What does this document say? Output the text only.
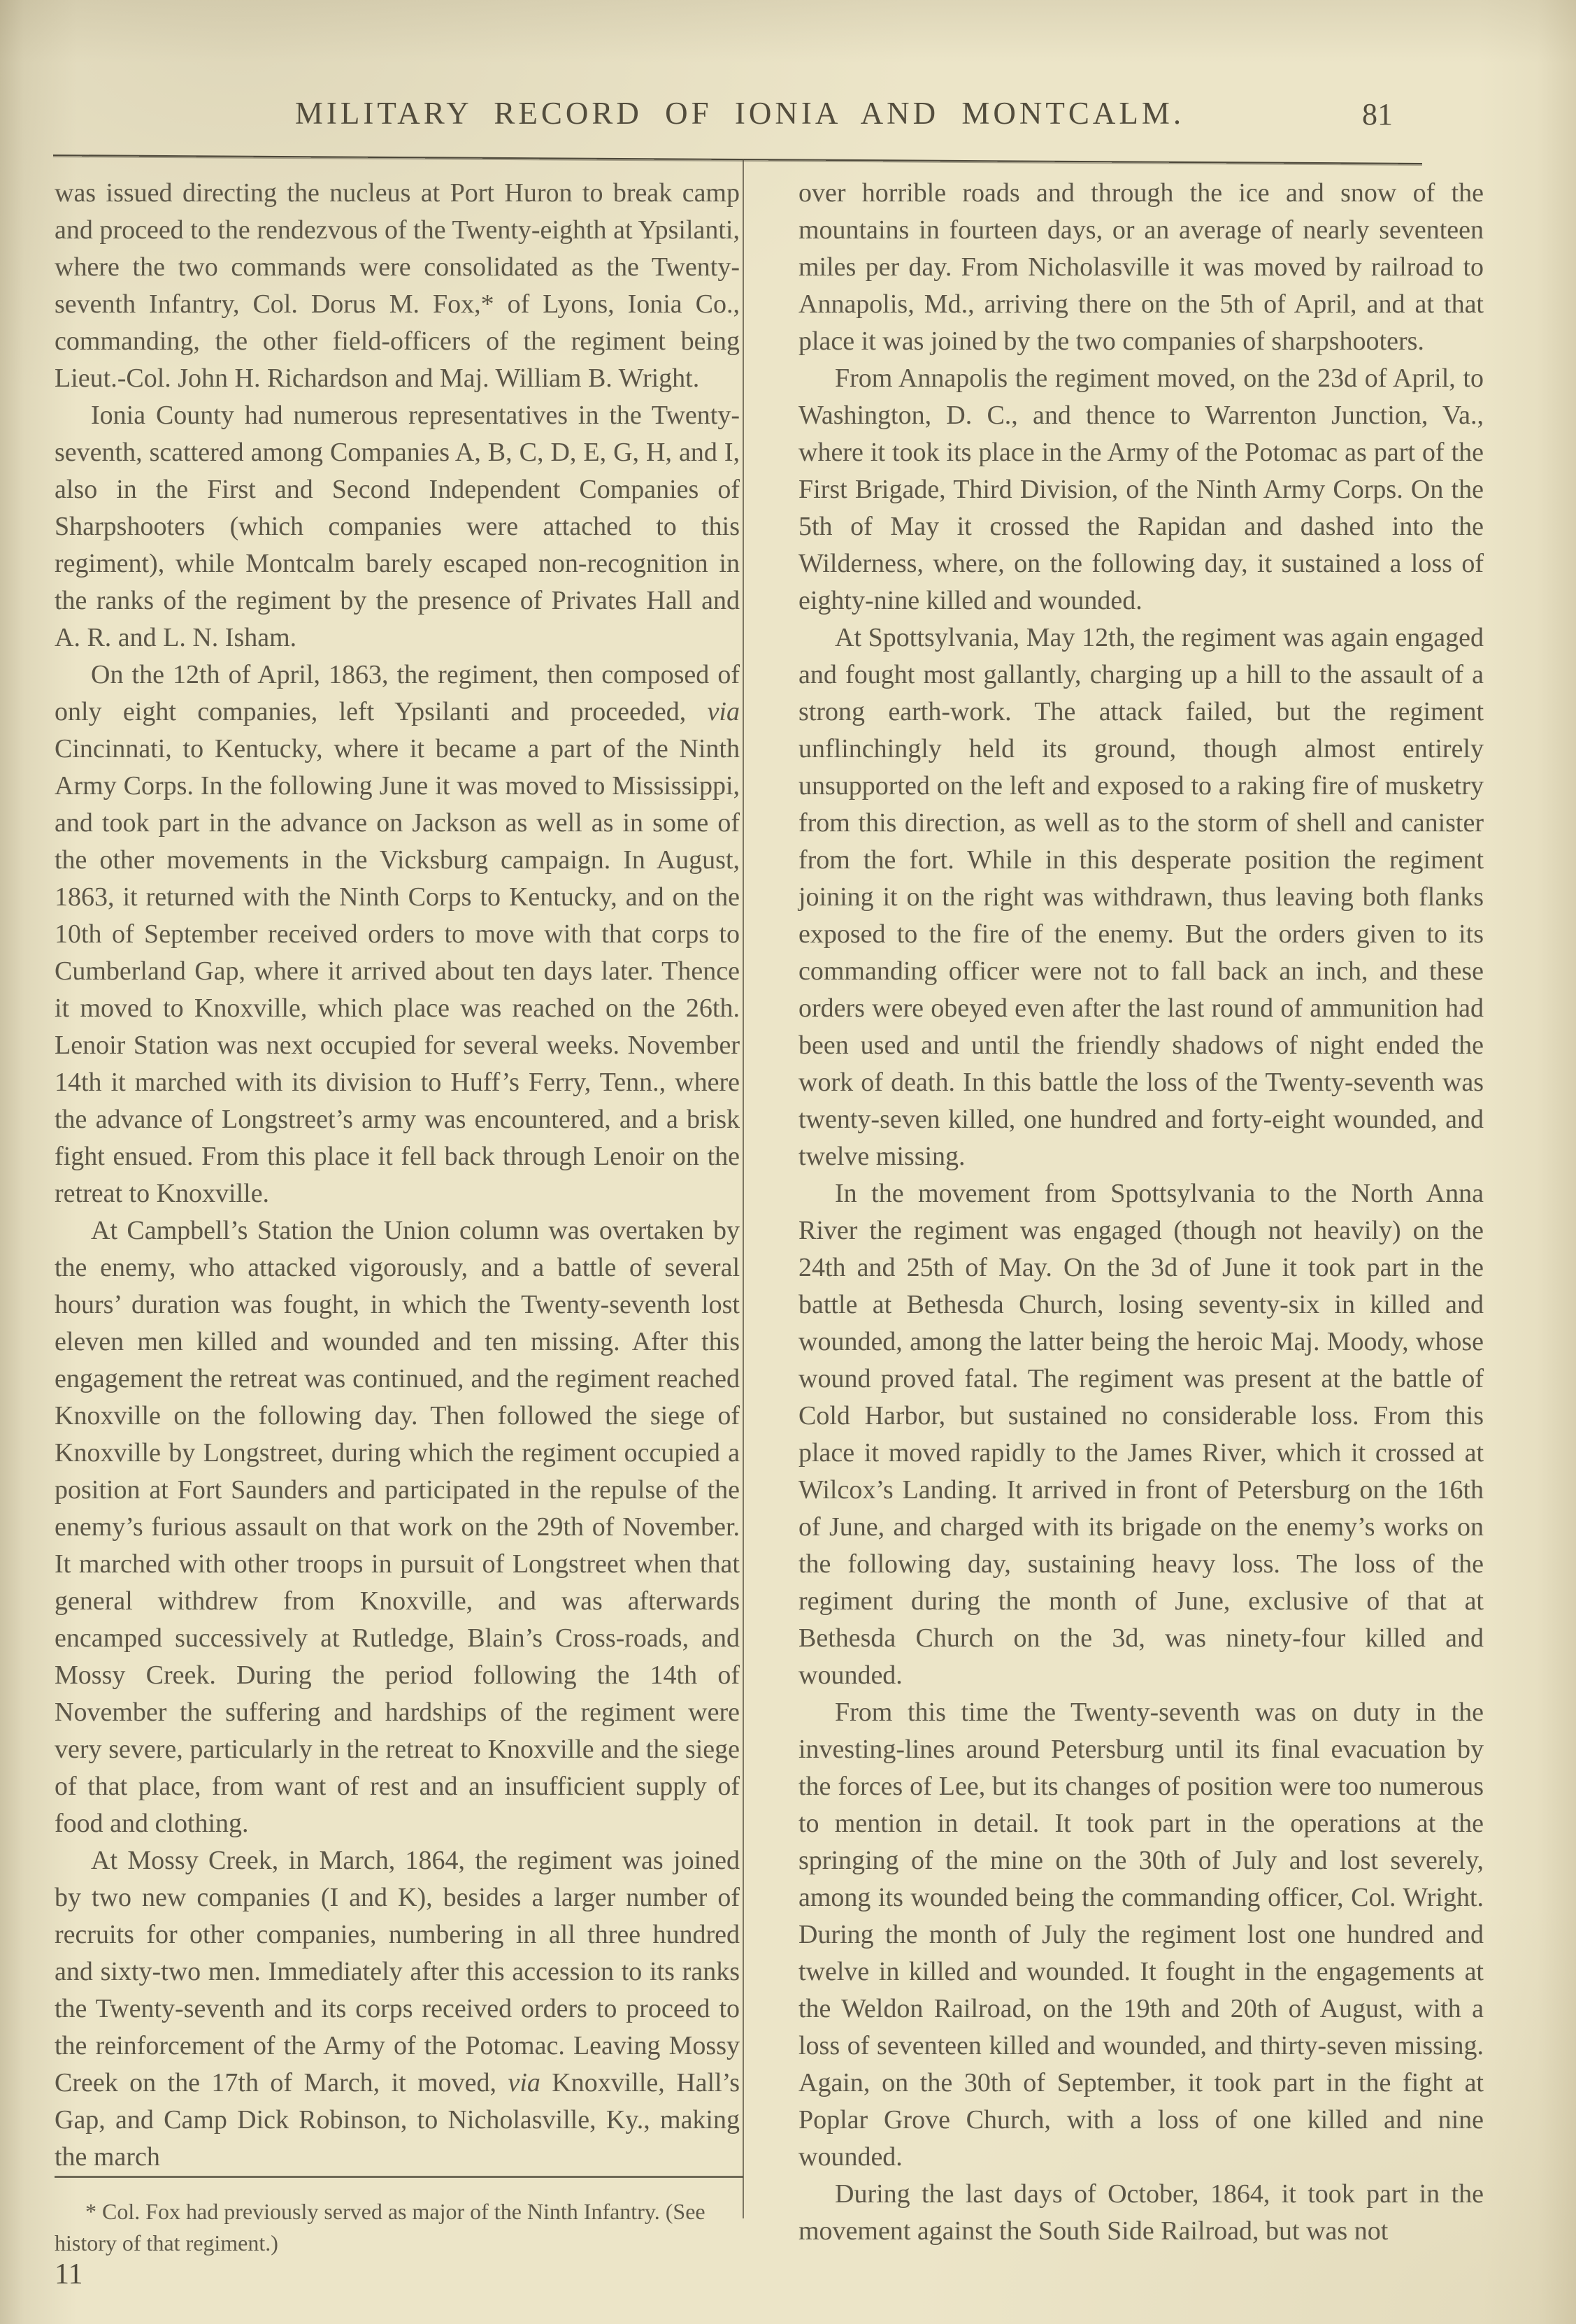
MILITARY RECORD OF IONIA AND MONTCALM.	81

was issued directing the nucleus at Port Huron to break camp and proceed to the rendezvous of the Twenty-eighth at Ypsilanti, where the two commands were consolidated as the Twenty-seventh Infantry, Col. Dorus M. Fox,* of Lyons, Ionia Co., commanding, the other field-officers of the regiment being Lieut.-Col. John H. Richardson and Maj. William B. Wright.

Ionia County had numerous representatives in the Twenty-seventh, scattered among Companies A, B, C, D, E, G, H, and I, also in the First and Second Independent Companies of Sharpshooters (which companies were attached to this regiment), while Montcalm barely escaped non-recognition in the ranks of the regiment by the presence of Privates Hall and A. R. and L. N. Isham.

On the 12th of April, 1863, the regiment, then composed of only eight companies, left Ypsilanti and proceeded, via Cincinnati, to Kentucky, where it became a part of the Ninth Army Corps. In the following June it was moved to Mississippi, and took part in the advance on Jackson as well as in some of the other movements in the Vicksburg campaign. In August, 1863, it returned with the Ninth Corps to Kentucky, and on the 10th of September received orders to move with that corps to Cumberland Gap, where it arrived about ten days later. Thence it moved to Knoxville, which place was reached on the 26th. Lenoir Station was next occupied for several weeks. November 14th it marched with its division to Huff’s Ferry, Tenn., where the advance of Longstreet’s army was encountered, and a brisk fight ensued. From this place it fell back through Lenoir on the retreat to Knoxville.

At Campbell’s Station the Union column was overtaken by the enemy, who attacked vigorously, and a battle of several hours’ duration was fought, in which the Twenty-seventh lost eleven men killed and wounded and ten missing. After this engagement the retreat was continued, and the regiment reached Knoxville on the following day. Then followed the siege of Knoxville by Longstreet, during which the regiment occupied a position at Fort Saunders and participated in the repulse of the enemy’s furious assault on that work on the 29th of November. It marched with other troops in pursuit of Longstreet when that general withdrew from Knoxville, and was afterwards encamped successively at Rutledge, Blain’s Cross-roads, and Mossy Creek. During the period following the 14th of November the suffering and hardships of the regiment were very severe, particularly in the retreat to Knoxville and the siege of that place, from want of rest and an insufficient supply of food and clothing.

At Mossy Creek, in March, 1864, the regiment was joined by two new companies (I and K), besides a larger number of recruits for other companies, numbering in all three hundred and sixty-two men. Immediately after this accession to its ranks the Twenty-seventh and its corps received orders to proceed to the reinforcement of the Army of the Potomac. Leaving Mossy Creek on the 17th of March, it moved, via Knoxville, Hall’s Gap, and Camp Dick Robinson, to Nicholasville, Ky., making the march

* Col. Fox had previously served as major of the Ninth Infantry. (See history of that regiment.)

11

over horrible roads and through the ice and snow of the mountains in fourteen days, or an average of nearly seventeen miles per day. From Nicholasville it was moved by railroad to Annapolis, Md., arriving there on the 5th of April, and at that place it was joined by the two companies of sharpshooters.

From Annapolis the regiment moved, on the 23d of April, to Washington, D. C., and thence to Warrenton Junction, Va., where it took its place in the Army of the Potomac as part of the First Brigade, Third Division, of the Ninth Army Corps. On the 5th of May it crossed the Rapidan and dashed into the Wilderness, where, on the following day, it sustained a loss of eighty-nine killed and wounded.

At Spottsylvania, May 12th, the regiment was again engaged and fought most gallantly, charging up a hill to the assault of a strong earth-work. The attack failed, but the regiment unflinchingly held its ground, though almost entirely unsupported on the left and exposed to a raking fire of musketry from this direction, as well as to the storm of shell and canister from the fort. While in this desperate position the regiment joining it on the right was withdrawn, thus leaving both flanks exposed to the fire of the enemy. But the orders given to its commanding officer were not to fall back an inch, and these orders were obeyed even after the last round of ammunition had been used and until the friendly shadows of night ended the work of death. In this battle the loss of the Twenty-seventh was twenty-seven killed, one hundred and forty-eight wounded, and twelve missing.

In the movement from Spottsylvania to the North Anna River the regiment was engaged (though not heavily) on the 24th and 25th of May. On the 3d of June it took part in the battle at Bethesda Church, losing seventy-six in killed and wounded, among the latter being the heroic Maj. Moody, whose wound proved fatal. The regiment was present at the battle of Cold Harbor, but sustained no considerable loss. From this place it moved rapidly to the James River, which it crossed at Wilcox’s Landing. It arrived in front of Petersburg on the 16th of June, and charged with its brigade on the enemy’s works on the following day, sustaining heavy loss. The loss of the regiment during the month of June, exclusive of that at Bethesda Church on the 3d, was ninety-four killed and wounded.

From this time the Twenty-seventh was on duty in the investing-lines around Petersburg until its final evacuation by the forces of Lee, but its changes of position were too numerous to mention in detail. It took part in the operations at the springing of the mine on the 30th of July and lost severely, among its wounded being the commanding officer, Col. Wright. During the month of July the regiment lost one hundred and twelve in killed and wounded. It fought in the engagements at the Weldon Railroad, on the 19th and 20th of August, with a loss of seventeen killed and wounded, and thirty-seven missing. Again, on the 30th of September, it took part in the fight at Poplar Grove Church, with a loss of one killed and nine wounded.

During the last days of October, 1864, it took part in the movement against the South Side Railroad, but was not
